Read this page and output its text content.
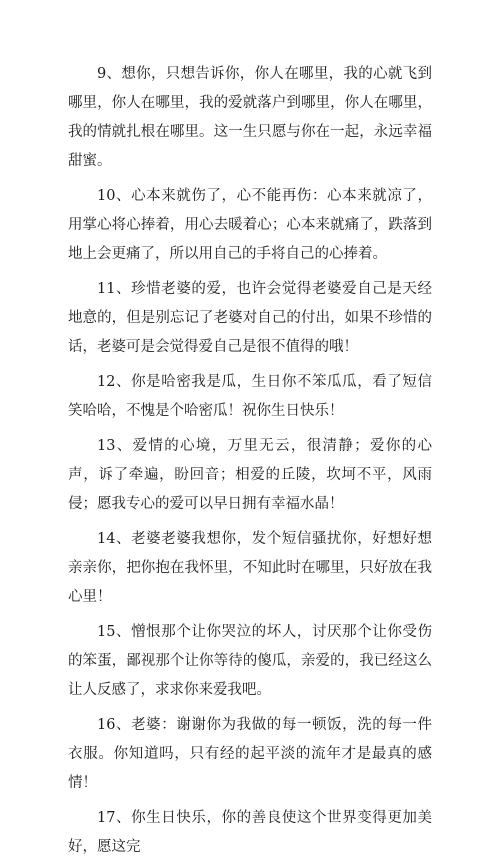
9、想你，只想告诉你，你人在哪里，我的心就飞到哪里，你人在哪里，我的爱就落户到哪里，你人在哪里，我的情就扎根在哪里。这一生只愿与你在一起，永远幸福甜蜜。

10、心本来就伤了，心不能再伤：心本来就凉了，用掌心将心捧着，用心去暖着心；心本来就痛了，跌落到地上会更痛了，所以用自己的手将自己的心捧着。

11、珍惜老婆的爱，也许会觉得老婆爱自己是天经地意的，但是别忘记了老婆对自己的付出，如果不珍惜的话，老婆可是会觉得爱自己是很不值得的哦！

12、你是哈密我是瓜，生日你不笨瓜瓜，看了短信笑哈哈，不愧是个哈密瓜！祝你生日快乐！

13、爱情的心境，万里无云，很清静；爱你的心声，诉了牵遍，盼回音；相爱的丘陵，坎坷不平，风雨侵；愿我专心的爱可以早日拥有幸福水晶！

14、老婆老婆我想你，发个短信骚扰你，好想好想亲亲你，把你抱在我怀里，不知此时在哪里，只好放在我心里！

15、憎恨那个让你哭泣的坏人，讨厌那个让你受伤的笨蛋，鄙视那个让你等待的傻瓜，亲爱的，我已经这么让人反感了，求求你来爱我吧。

16、老婆：谢谢你为我做的每一顿饭，洗的每一件衣服。你知道吗，只有经的起平淡的流年才是最真的感情！

17、你生日快乐，你的善良使这个世界变得更加美好，愿这完
